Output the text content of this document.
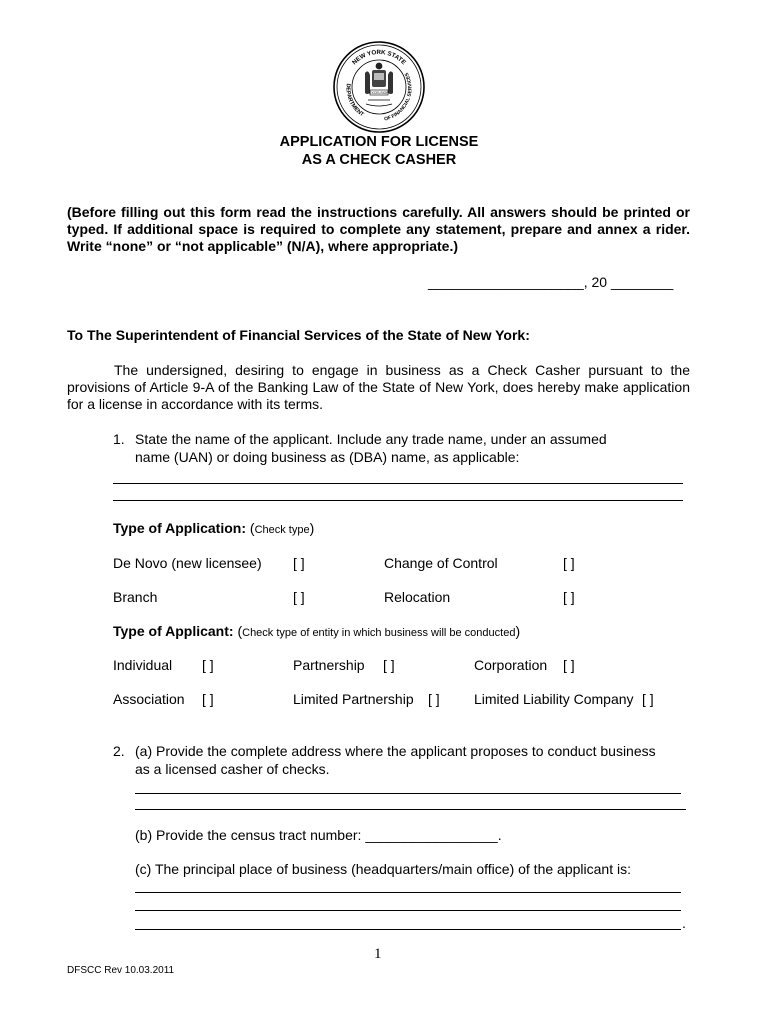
NEW YORK STATE
DEPARTMENT
OF FINANCIAL SERVICES
EXCELSIOR
APPLICATION FOR LICENSE
AS A CHECK CASHER
(Before filling out this form read the instructions carefully. All answers should be printed or typed. If additional space is required to complete any statement, prepare and annex a rider. Write “none” or “not applicable” (N/A), where appropriate.)
____________________, 20 ________
To The Superintendent of Financial Services of the State of New York:
The undersigned, desiring to engage in business as a Check Casher pursuant to the provisions of Article 9-A of the Banking Law of the State of New York, does hereby make application for a license in accordance with its terms.
1. State the name of the applicant. Include any trade name, under an assumed
name (UAN) or doing business as (DBA) name, as applicable:
Type of Application: (Check type)
De Novo (new licensee) [ ]	Change of Control	[ ]
Branch	[ ]	Relocation	[ ]
Type of Applicant: (Check type of entity in which business will be conducted)
Individual [ ]	Partnership [ ]	Corporation [ ]
Association [ ]	Limited Partnership [ ] Limited Liability Company [ ]
2. (a) Provide the complete address where the applicant proposes to conduct business
as a licensed casher of checks.
(b) Provide the census tract number: _________________.
(c) The principal place of business (headquarters/main office) of the applicant is:
.
1
DFSCC Rev 10.03.2011
